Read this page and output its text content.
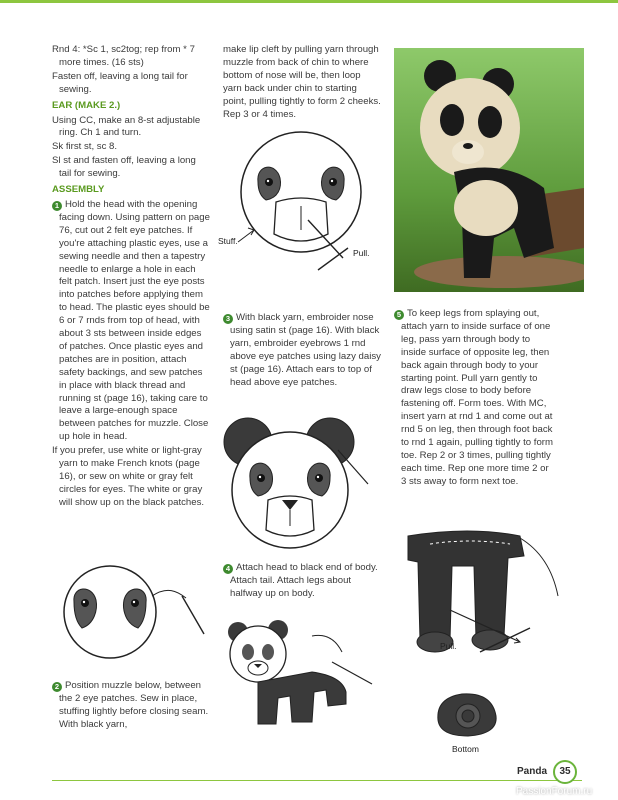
Rnd 4: *Sc 1, sc2tog; rep from * 7 more times. (16 sts)

Fasten off, leaving a long tail for sewing.

EAR (MAKE 2.)

Using CC, make an 8-st adjustable ring. Ch 1 and turn.

Sk first st, sc 8.

Sl st and fasten off, leaving a long tail for sewing.

ASSEMBLY

1 Hold the head with the opening facing down. Using pattern on page 76, cut out 2 felt eye patches. If you're attaching plastic eyes, use a sewing needle and then a tapestry needle to enlarge a hole in each felt patch. Insert just the eye posts into patches before applying them to head. The plastic eyes should be 6 or 7 rnds from top of head, with about 3 sts between inside edges of patches. Once plastic eyes and patches are in position, attach safety backings, and sew patches in place with black thread and running st (page 16), taking care to leave a large-enough space between patches for muzzle. Close up hole in head.

If you prefer, use white or light-gray yarn to make French knots (page 16), or sew on white or gray felt circles for eyes. The white or gray will show up on the black patches.

2 Position muzzle below, between the 2 eye patches. Sew in place, stuffing lightly before closing seam. With black yarn,

make lip cleft by pulling yarn through muzzle from back of chin to where bottom of nose will be, then loop yarn back under chin to starting point, pulling tightly to form 2 cheeks. Rep 3 or 4 times.

Stuff.
Pull.

3 With black yarn, embroider nose using satin st (page 16). With black yarn, embroider eyebrows 1 rnd above eye patches using lazy daisy st (page 16). Attach ears to top of head above eye patches.

4 Attach head to black end of body. Attach tail. Attach legs about halfway up on body.

5 To keep legs from splaying out, attach yarn to inside surface of one leg, pass yarn through body to inside surface of opposite leg, then back again through body to your starting point. Pull yarn gently to draw legs close to body before fastening off. Form toes. With MC, insert yarn at rnd 1 and come out at rnd 5 on leg, then through foot back to rnd 1 again, pulling tightly to form toe. Rep 2 or 3 times, pulling tightly each time. Rep one more time 2 or 3 sts away to form next toe.

Pull.
Bottom
Panda	35
PassionForum.ru
